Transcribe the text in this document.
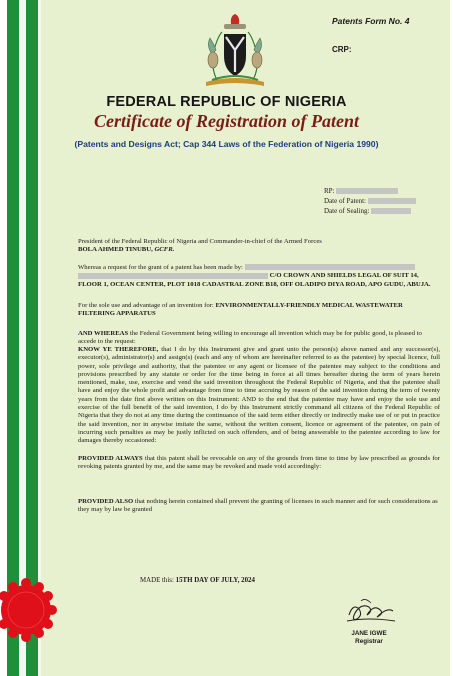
Patents Form No. 4
CRP:
FEDERAL REPUBLIC OF NIGERIA
Certificate of Registration of Patent
(Patents and Designs Act; Cap 344 Laws of the Federation of Nigeria 1990)
RP:
Date of Patent:
Date of Sealing:
President of the Federal Republic of Nigeria and Commander-in-chief of the Armed Forces
BOLA AHMED TINUBU, GCFR.
Whereas a request for the grant of a patent has been made by:
C/O CROWN AND SHIELDS LEGAL OF SUIT 14, FLOOR 1, OCEAN CENTER, PLOT 1018 CADASTRAL ZONE B18, OFF OLADIPO DIYA ROAD, APO GUDU, ABUJA.
For the sole use and advantage of an invention for: ENVIRONMENTALLY-FRIENDLY MEDICAL WASTEWATER FILTERING APPARATUS
AND WHEREAS the Federal Government being willing to encourage all invention which may be for public good, is pleased to accede to the request:
KNOW YE THEREFORE, that I do by this Instrument give and grant unto the person(s) above named and any successor(s), executor(s), administrator(s) and assign(s) (each and any of whom are hereinafter referred to as the patentee) by special licence, full power, sole privilege and authority, that the patentee or any agent or licensee of the patentee may subject to the conditions and provisions prescribed by any statute or order for the time being in force at all times hereafter during the term of years herein mentioned, make, use, exercise and vend the said invention throughout the Federal Republic of Nigeria, and that the patentee shall have and enjoy the whole profit and advantage from time to time accruing by reason of the said invention during the term of twenty years from the date first above written on this Instrument: AND to the end that the patentee may have and enjoy the sole use and exercise of the full benefit of the said invention, I do by this Instrument strictly command all citizens of the Federal Republic of Nigeria that they do not at any time during the continuance of the said term either directly or indirectly make use of or put in practice the said invention, nor in anywise imitate the same, without the written consent, licence or agreement of the patentee, on pain of incurring such penalties as may be justly inflicted on such offenders, and of being answerable to the patentee according to law for damages thereby occasioned:
PROVIDED ALWAYS that this patent shall be revocable on any of the grounds from time to time by law prescribed as grounds for revoking patents granted by me, and the same may be revoked and made void accordingly:
PROVIDED ALSO that nothing herein contained shall prevent the granting of licenses in such manner and for such considerations as they may by law be granted
MADE this: 15TH DAY OF JULY, 2024
JANE IGWE
Registrar
